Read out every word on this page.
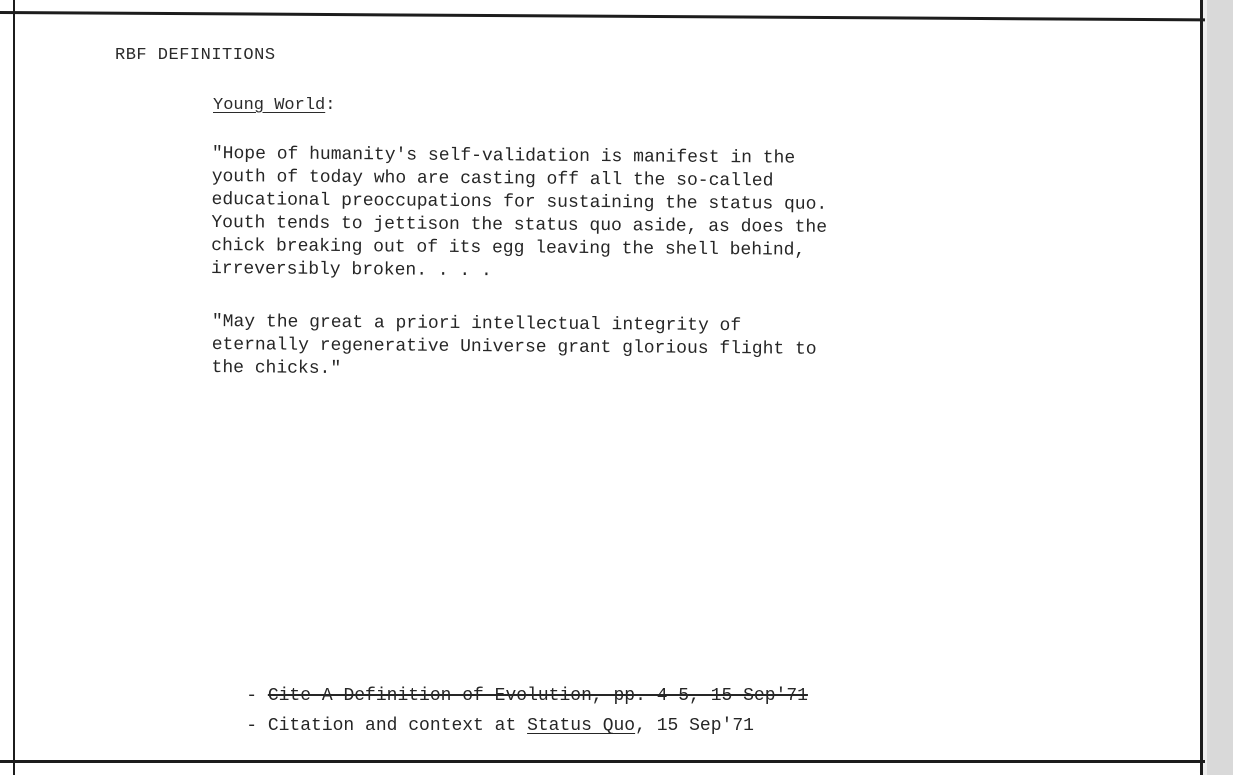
RBF DEFINITIONS
Young World:

"Hope of humanity's self-validation is manifest in the
youth of today who are casting off all the so-called
educational preoccupations for sustaining the status quo.
Youth tends to jettison the status quo aside, as does the
chick breaking out of its egg leaving the shell behind,
irreversibly broken. . . .

"May the great a priori intellectual integrity of
eternally regenerative Universe grant glorious flight to
the chicks."

- Cite A Definition of Evolution, pp. 4-5, 15 Sep'71

- Citation and context at Status Quo, 15 Sep'71
